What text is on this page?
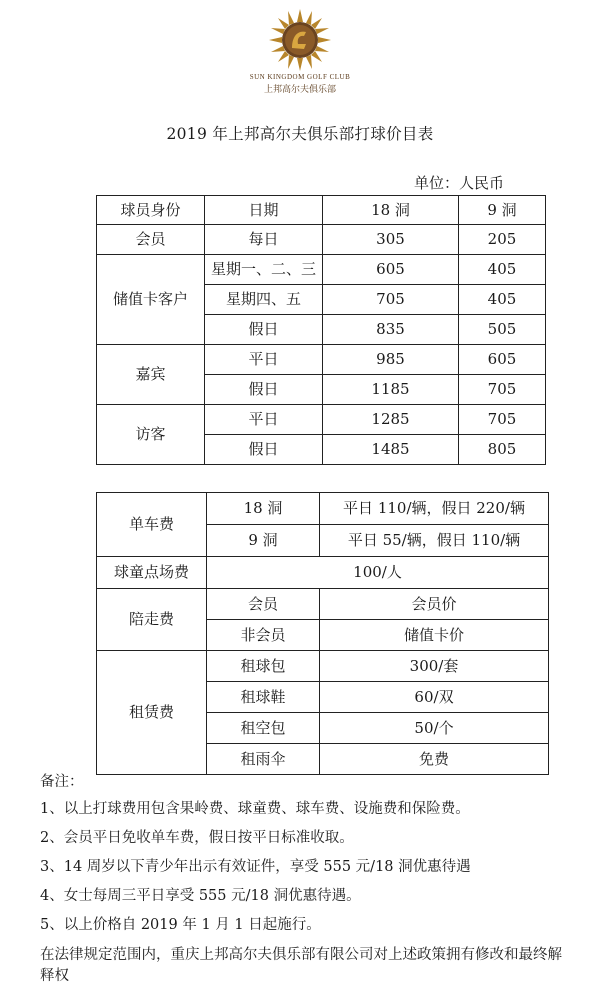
SUN KINGDOM GOLF CLUB
上邦高尔夫俱乐部
2019 年上邦高尔夫俱乐部打球价目表
单位：人民币
球员身份	日期	18 洞	9 洞
会员	每日	305	205
储值卡客户	星期一、二、三	605	405
	星期四、五	705	405
	假日	835	505
嘉宾	平日	985	605
	假日	1185	705
访客	平日	1285	705
	假日	1485	805
单车费	18 洞	平日 110/辆，假日 220/辆
	9 洞	平日 55/辆，假日 110/辆
球童点场费	100/人	
陪走费	会员	会员价
	非会员	储值卡价
租赁费	租球包	300/套
	租球鞋	60/双
	租空包	50/个
	租雨伞	免费
备注：
1、以上打球费用包含果岭费、球童费、球车费、设施费和保险费。
2、会员平日免收单车费，假日按平日标准收取。
3、14 周岁以下青少年出示有效证件，享受 555 元/18 洞优惠待遇
4、女士每周三平日享受 555 元/18 洞优惠待遇。
5、以上价格自 2019 年 1 月 1 日起施行。
在法律规定范围内，重庆上邦高尔夫俱乐部有限公司对上述政策拥有修改和最终解释权
